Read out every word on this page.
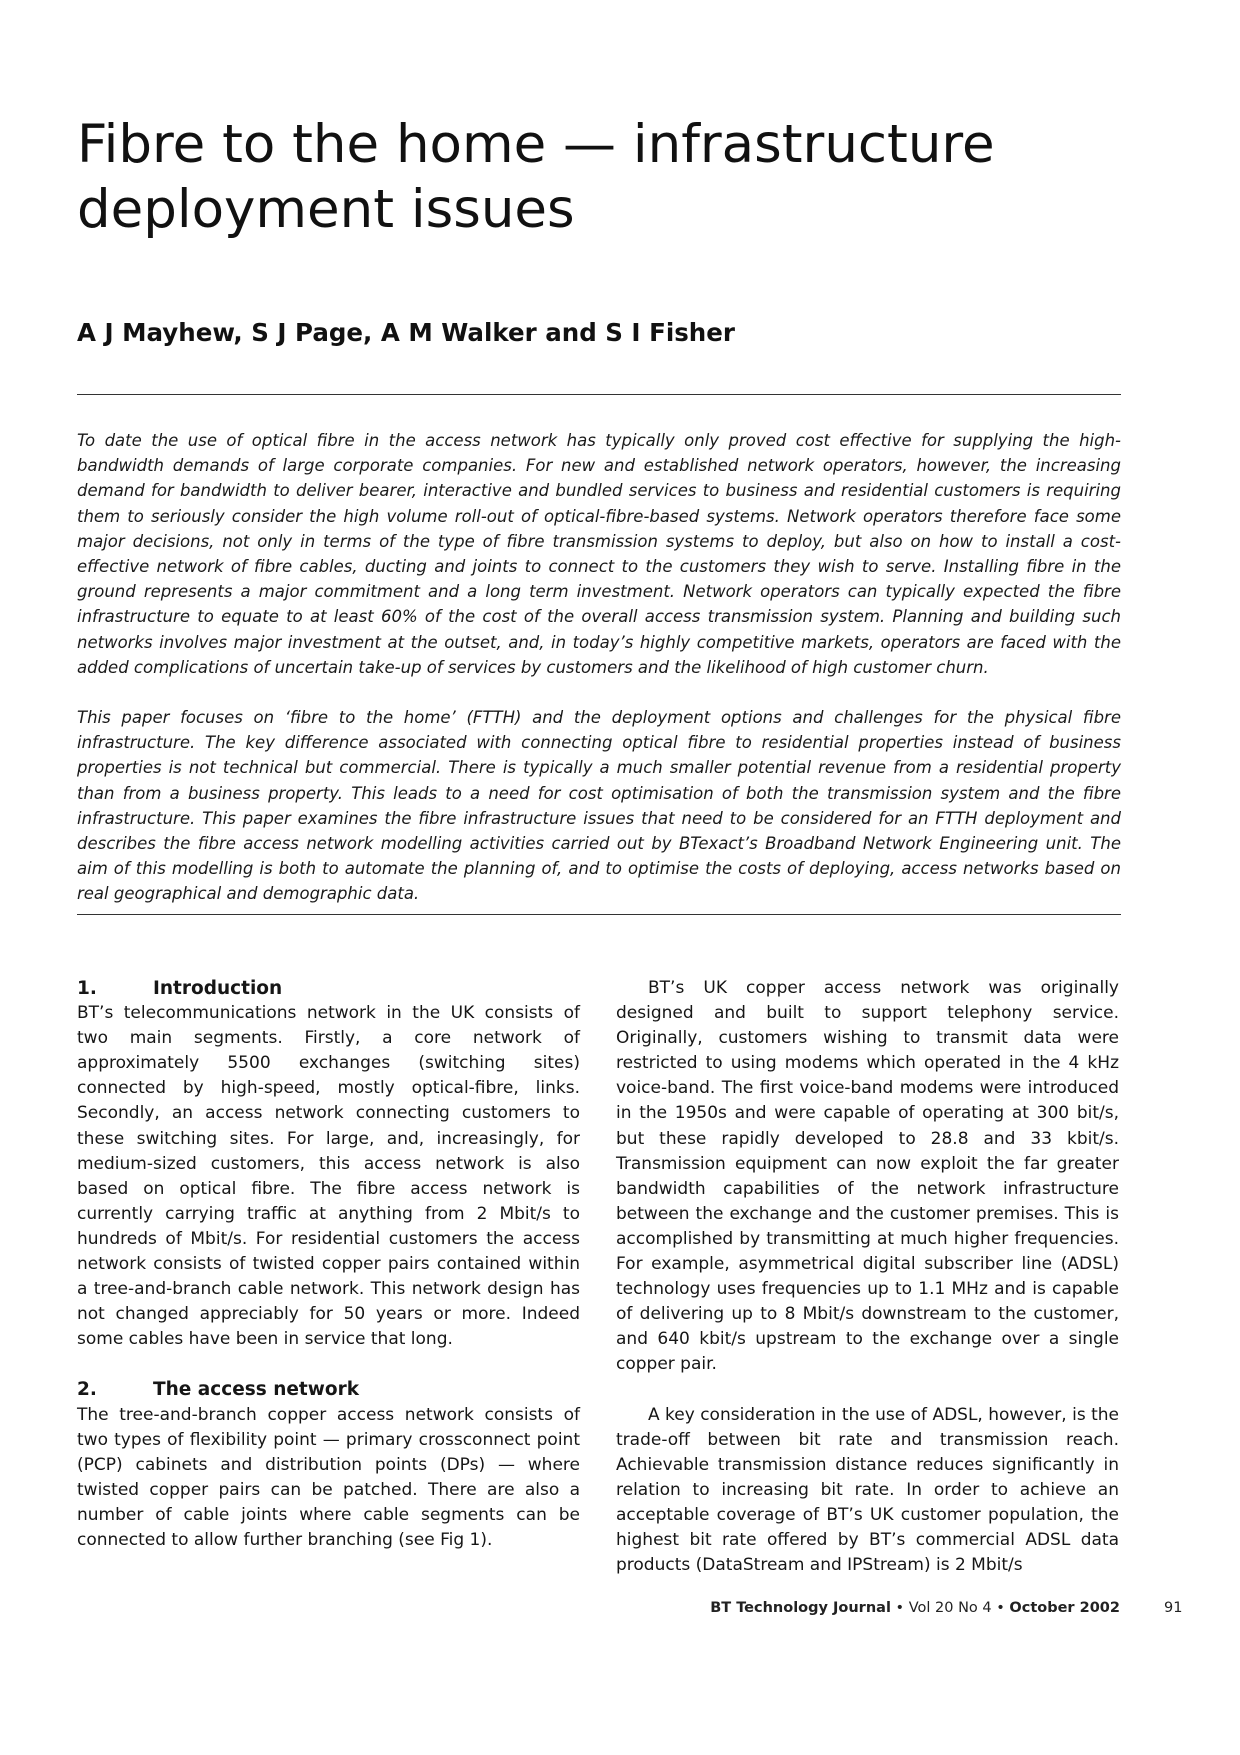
Fibre to the home — infrastructure deployment issues
A J Mayhew, S J Page, A M Walker and S I Fisher

To date the use of optical fibre in the access network has typically only proved cost effective for supplying the high-bandwidth demands of large corporate companies. For new and established network operators, however, the increasing demand for bandwidth to deliver bearer, interactive and bundled services to business and residential customers is requiring them to seriously consider the high volume roll-out of optical-fibre-based systems. Network operators therefore face some major decisions, not only in terms of the type of fibre transmission systems to deploy, but also on how to install a cost-effective network of fibre cables, ducting and joints to connect to the customers they wish to serve. Installing fibre in the ground represents a major commitment and a long term investment. Network operators can typically expected the fibre infrastructure to equate to at least 60% of the cost of the overall access transmission system. Planning and building such networks involves major investment at the outset, and, in today’s highly competitive markets, operators are faced with the added complications of uncertain take-up of services by customers and the likelihood of high customer churn.

This paper focuses on ‘fibre to the home’ (FTTH) and the deployment options and challenges for the physical fibre infrastructure. The key difference associated with connecting optical fibre to residential properties instead of business properties is not technical but commercial. There is typically a much smaller potential revenue from a residential property than from a business property. This leads to a need for cost optimisation of both the transmission system and the fibre infrastructure. This paper examines the fibre infrastructure issues that need to be considered for an FTTH deployment and describes the fibre access network modelling activities carried out by BTexact’s Broadband Network Engineering unit. The aim of this modelling is both to automate the planning of, and to optimise the costs of deploying, access networks based on real geographical and demographic data.

1.	Introduction

BT’s telecommunications network in the UK consists of two main segments. Firstly, a core network of approximately 5500 exchanges (switching sites) connected by high-speed, mostly optical-fibre, links. Secondly, an access network connecting customers to these switching sites. For large, and, increasingly, for medium-sized customers, this access network is also based on optical fibre. The fibre access network is currently carrying traffic at anything from 2 Mbit/s to hundreds of Mbit/s. For residential customers the access network consists of twisted copper pairs contained within a tree-and-branch cable network. This network design has not changed appreciably for 50 years or more. Indeed some cables have been in service that long.

2.	The access network

The tree-and-branch copper access network consists of two types of flexibility point — primary crossconnect point (PCP) cabinets and distribution points (DPs) — where twisted copper pairs can be patched. There are also a number of cable joints where cable segments can be connected to allow further branching (see Fig 1).

BT’s UK copper access network was originally designed and built to support telephony service. Originally, customers wishing to transmit data were restricted to using modems which operated in the 4 kHz voice-band. The first voice-band modems were introduced in the 1950s and were capable of operating at 300 bit/s, but these rapidly developed to 28.8 and 33 kbit/s. Transmission equipment can now exploit the far greater bandwidth capabilities of the network infrastructure between the exchange and the customer premises. This is accomplished by transmitting at much higher frequencies. For example, asymmetrical digital subscriber line (ADSL) technology uses frequencies up to 1.1 MHz and is capable of delivering up to 8 Mbit/s downstream to the customer, and 640 kbit/s upstream to the exchange over a single copper pair.

A key consideration in the use of ADSL, however, is the trade-off between bit rate and transmission reach. Achievable transmission distance reduces significantly in relation to increasing bit rate. In order to achieve an acceptable coverage of BT’s UK customer population, the highest bit rate offered by BT’s commercial ADSL data products (DataStream and IPStream) is 2 Mbit/s

BT Technology Journal • Vol 20 No 4 • October 2002	91
